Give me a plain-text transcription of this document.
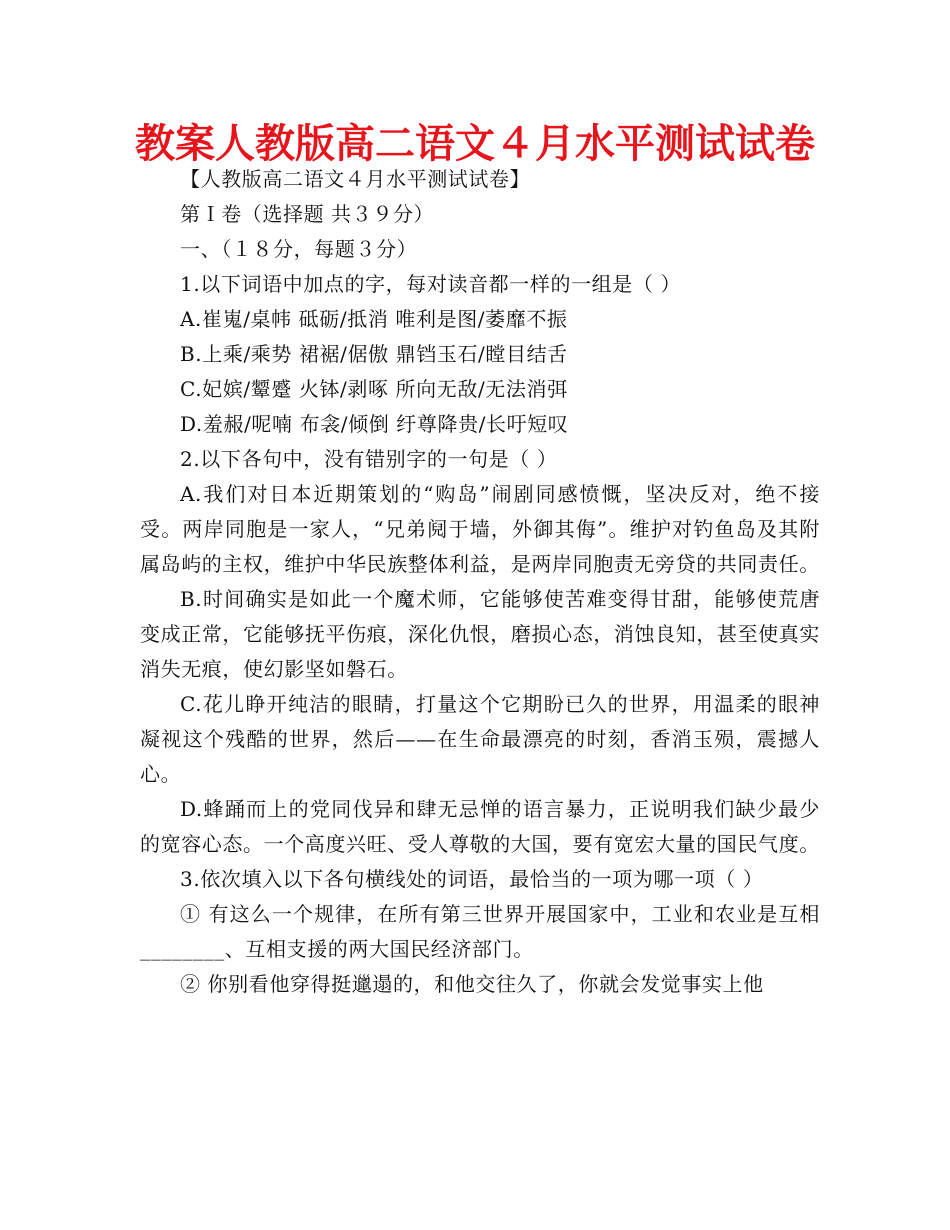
教案人教版高二语文４月水平测试试卷

【人教版高二语文４月水平测试试卷】

第Ｉ卷（选择题 共３９分）

一、（１８分，每题３分）

1.以下词语中加点的字，每对读音都一样的一组是（ ）

A.崔嵬/桌帏 砥砺/抵消 唯利是图/萎靡不振

B.上乘/乘势 裙裾/倨傲 鼎铛玉石/瞠目结舌

C.妃嫔/颦蹙 火钵/剥啄 所向无敌/无法消弭

D.羞赧/呢喃 布衾/倾倒 纡尊降贵/长吁短叹

2.以下各句中，没有错别字的一句是（ ）

A.我们对日本近期策划的“购岛”闹剧同感愤慨，坚决反对，绝不接受。两岸同胞是一家人，“兄弟阋于墙，外御其侮”。维护对钓鱼岛及其附属岛屿的主权，维护中华民族整体利益，是两岸同胞责无旁贷的共同责任。

B.时间确实是如此一个魔术师，它能够使苦难变得甘甜，能够使荒唐变成正常，它能够抚平伤痕，深化仇恨，磨损心态，消蚀良知，甚至使真实消失无痕，使幻影坚如磐石。

C.花儿睁开纯洁的眼睛，打量这个它期盼已久的世界，用温柔的眼神凝视这个残酷的世界，然后——在生命最漂亮的时刻，香消玉殒，震撼人心。

D.蜂踊而上的党同伐异和肆无忌惮的语言暴力，正说明我们缺少最少的宽容心态。一个高度兴旺、受人尊敬的大国，要有宽宏大量的国民气度。

3.依次填入以下各句横线处的词语，最恰当的一项为哪一项（ ）

① 有这么一个规律，在所有第三世界开展国家中，工业和农业是互相________、互相支援的两大国民经济部门。

② 你别看他穿得挺邋遢的，和他交往久了，你就会发觉事实上他
